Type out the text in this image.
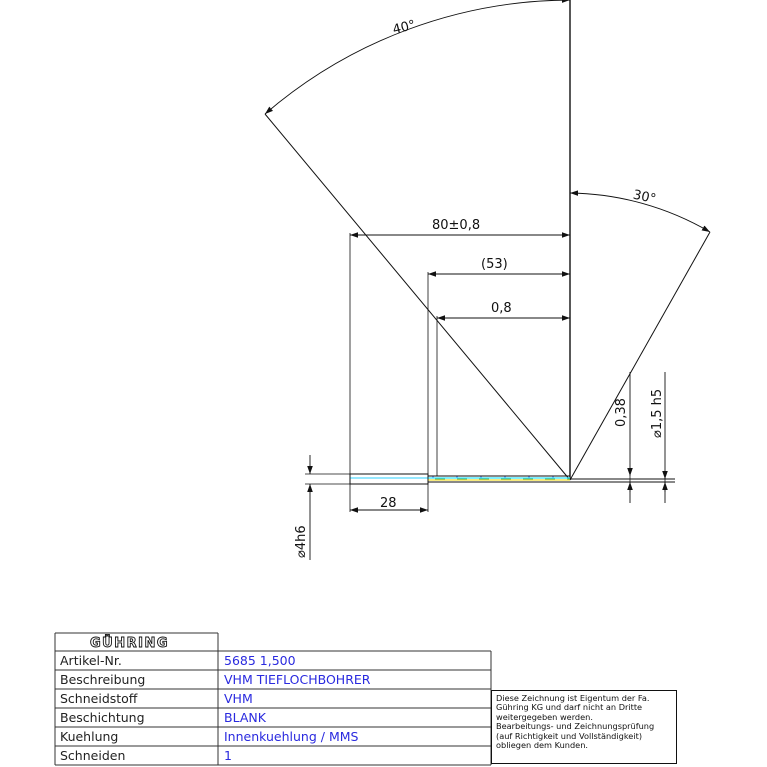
40°
30°
80±0,8
(53)
0,8
28
⌀4h6
0,38 ⌀1,5 h5
GÜHRING
Artikel-Nr.	5685 1,500
Beschreibung	VHM TIEFLOCHBOHRER
Schneidstoff	VHM
Beschichtung	BLANK
Kuehlung	Innenkuehlung / MMS
Schneiden	1

Diese Zeichnung ist Eigentum der Fa. Gühring KG und darf nicht an Dritte weitergegeben werden.

Bearbeitungs- und Zeichnungsprüfung (auf Richtigkeit und Vollständigkeit) obliegen dem Kunden.
